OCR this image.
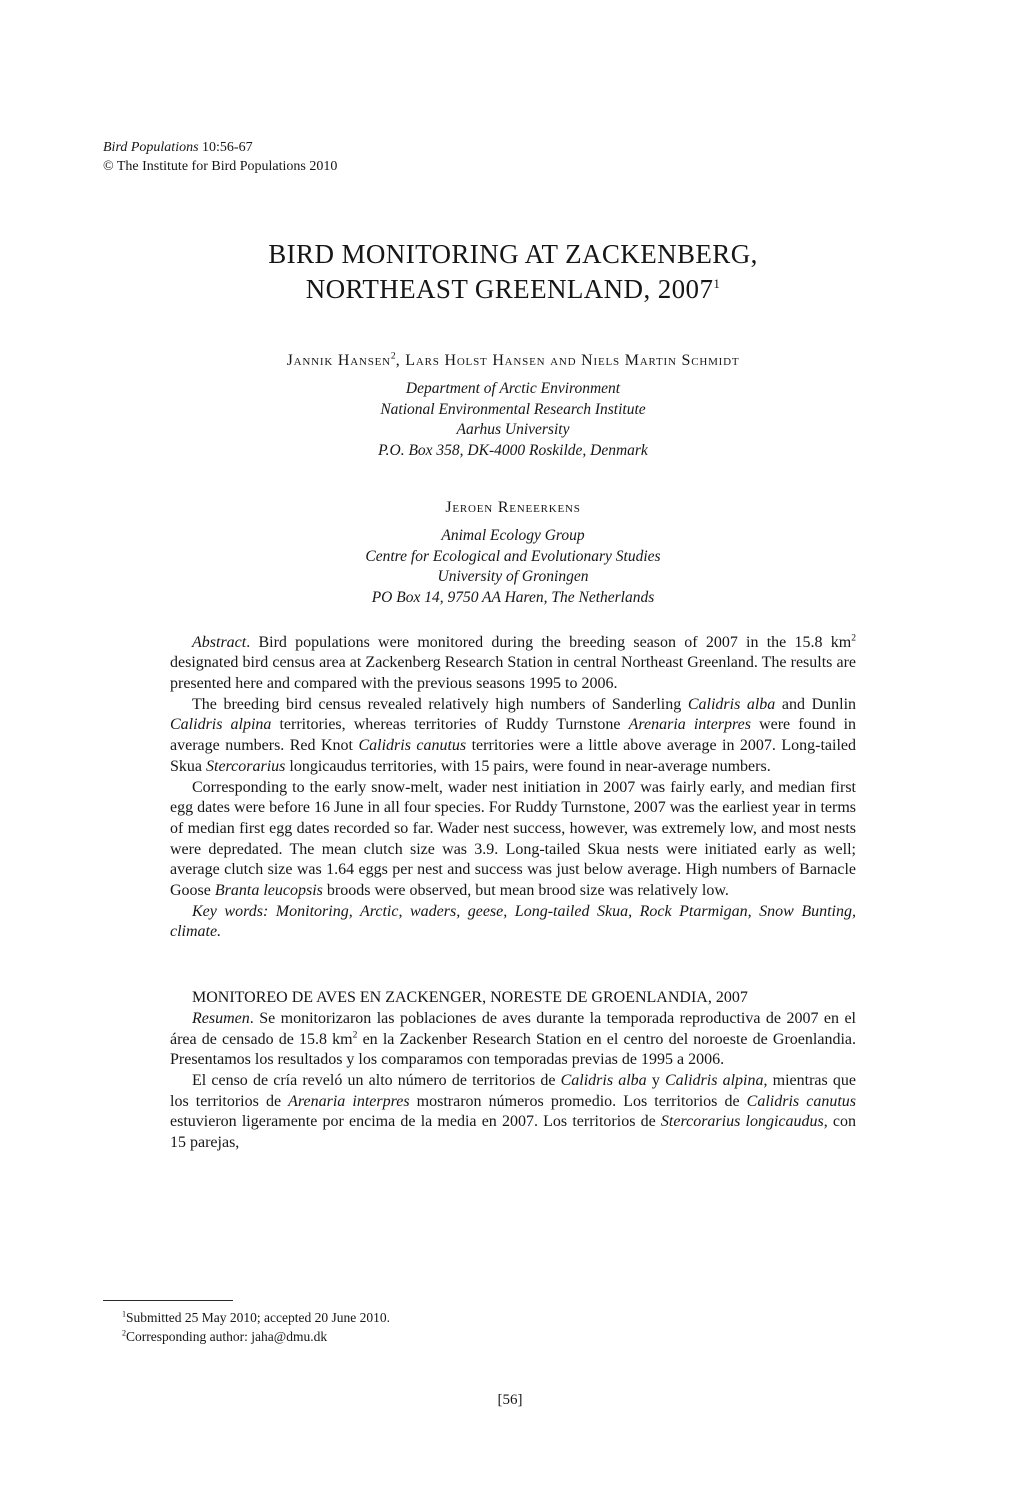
Bird Populations 10:56-67
© The Institute for Bird Populations 2010
BIRD MONITORING AT ZACKENBERG,
NORTHEAST GREENLAND, 2007$^1$
Jannik Hansen$^2$, Lars Holst Hansen and Niels Martin Schmidt
Department of Arctic Environment
National Environmental Research Institute
Aarhus University
P.O. Box 358, DK-4000 Roskilde, Denmark
Jeroen Reneerkens
Animal Ecology Group
Centre for Ecological and Evolutionary Studies
University of Groningen
PO Box 14, 9750 AA Haren, The Netherlands

Abstract. Bird populations were monitored during the breeding season of 2007 in the 15.8 $km^2$ designated bird census area at Zackenberg Research Station in central Northeast Greenland. The results are presented here and compared with the previous seasons 1995 to 2006.

The breeding bird census revealed relatively high numbers of Sanderling Calidris alba and Dunlin Calidris alpina territories, whereas territories of Ruddy Turnstone Arenaria interpres were found in average numbers. Red Knot Calidris canutus territories were a little above average in 2007. Long-tailed Skua Stercorarius longicaudus territories, with 15 pairs, were found in near-average numbers.

Corresponding to the early snow-melt, wader nest initiation in 2007 was fairly early, and median first egg dates were before 16 June in all four species. For Ruddy Turnstone, 2007 was the earliest year in terms of median first egg dates recorded so far. Wader nest success, however, was extremely low, and most nests were depredated. The mean clutch size was 3.9. Long-tailed Skua nests were initiated early as well; average clutch size was 1.64 eggs per nest and success was just below average. High numbers of Barnacle Goose Branta leucopsis broods were observed, but mean brood size was relatively low.

Key words: Monitoring, Arctic, waders, geese, Long-tailed Skua, Rock Ptarmigan, Snow Bunting, climate.

MONITOREO DE AVES EN ZACKENGER, NORESTE DE GROENLANDIA, 2007

Resumen. Se monitorizaron las poblaciones de aves durante la temporada reproductiva de 2007 en el área de censado de 15.8 $km^2$ en la Zackenber Research Station en el centro del noroeste de Groenlandia. Presentamos los resultados y los comparamos con temporadas previas de 1995 a 2006.

El censo de cría reveló un alto número de territorios de Calidris alba y Calidris alpina, mientras que los territorios de Arenaria interpres mostraron números promedio. Los territorios de Calidris canutus estuvieron ligeramente por encima de la media en 2007. Los territorios de Stercorarius longicaudus, con 15 parejas,

$^1$Submitted 25 May 2010; accepted 20 June 2010.
$^2$Corresponding author: jaha@dmu.dk
[56]
